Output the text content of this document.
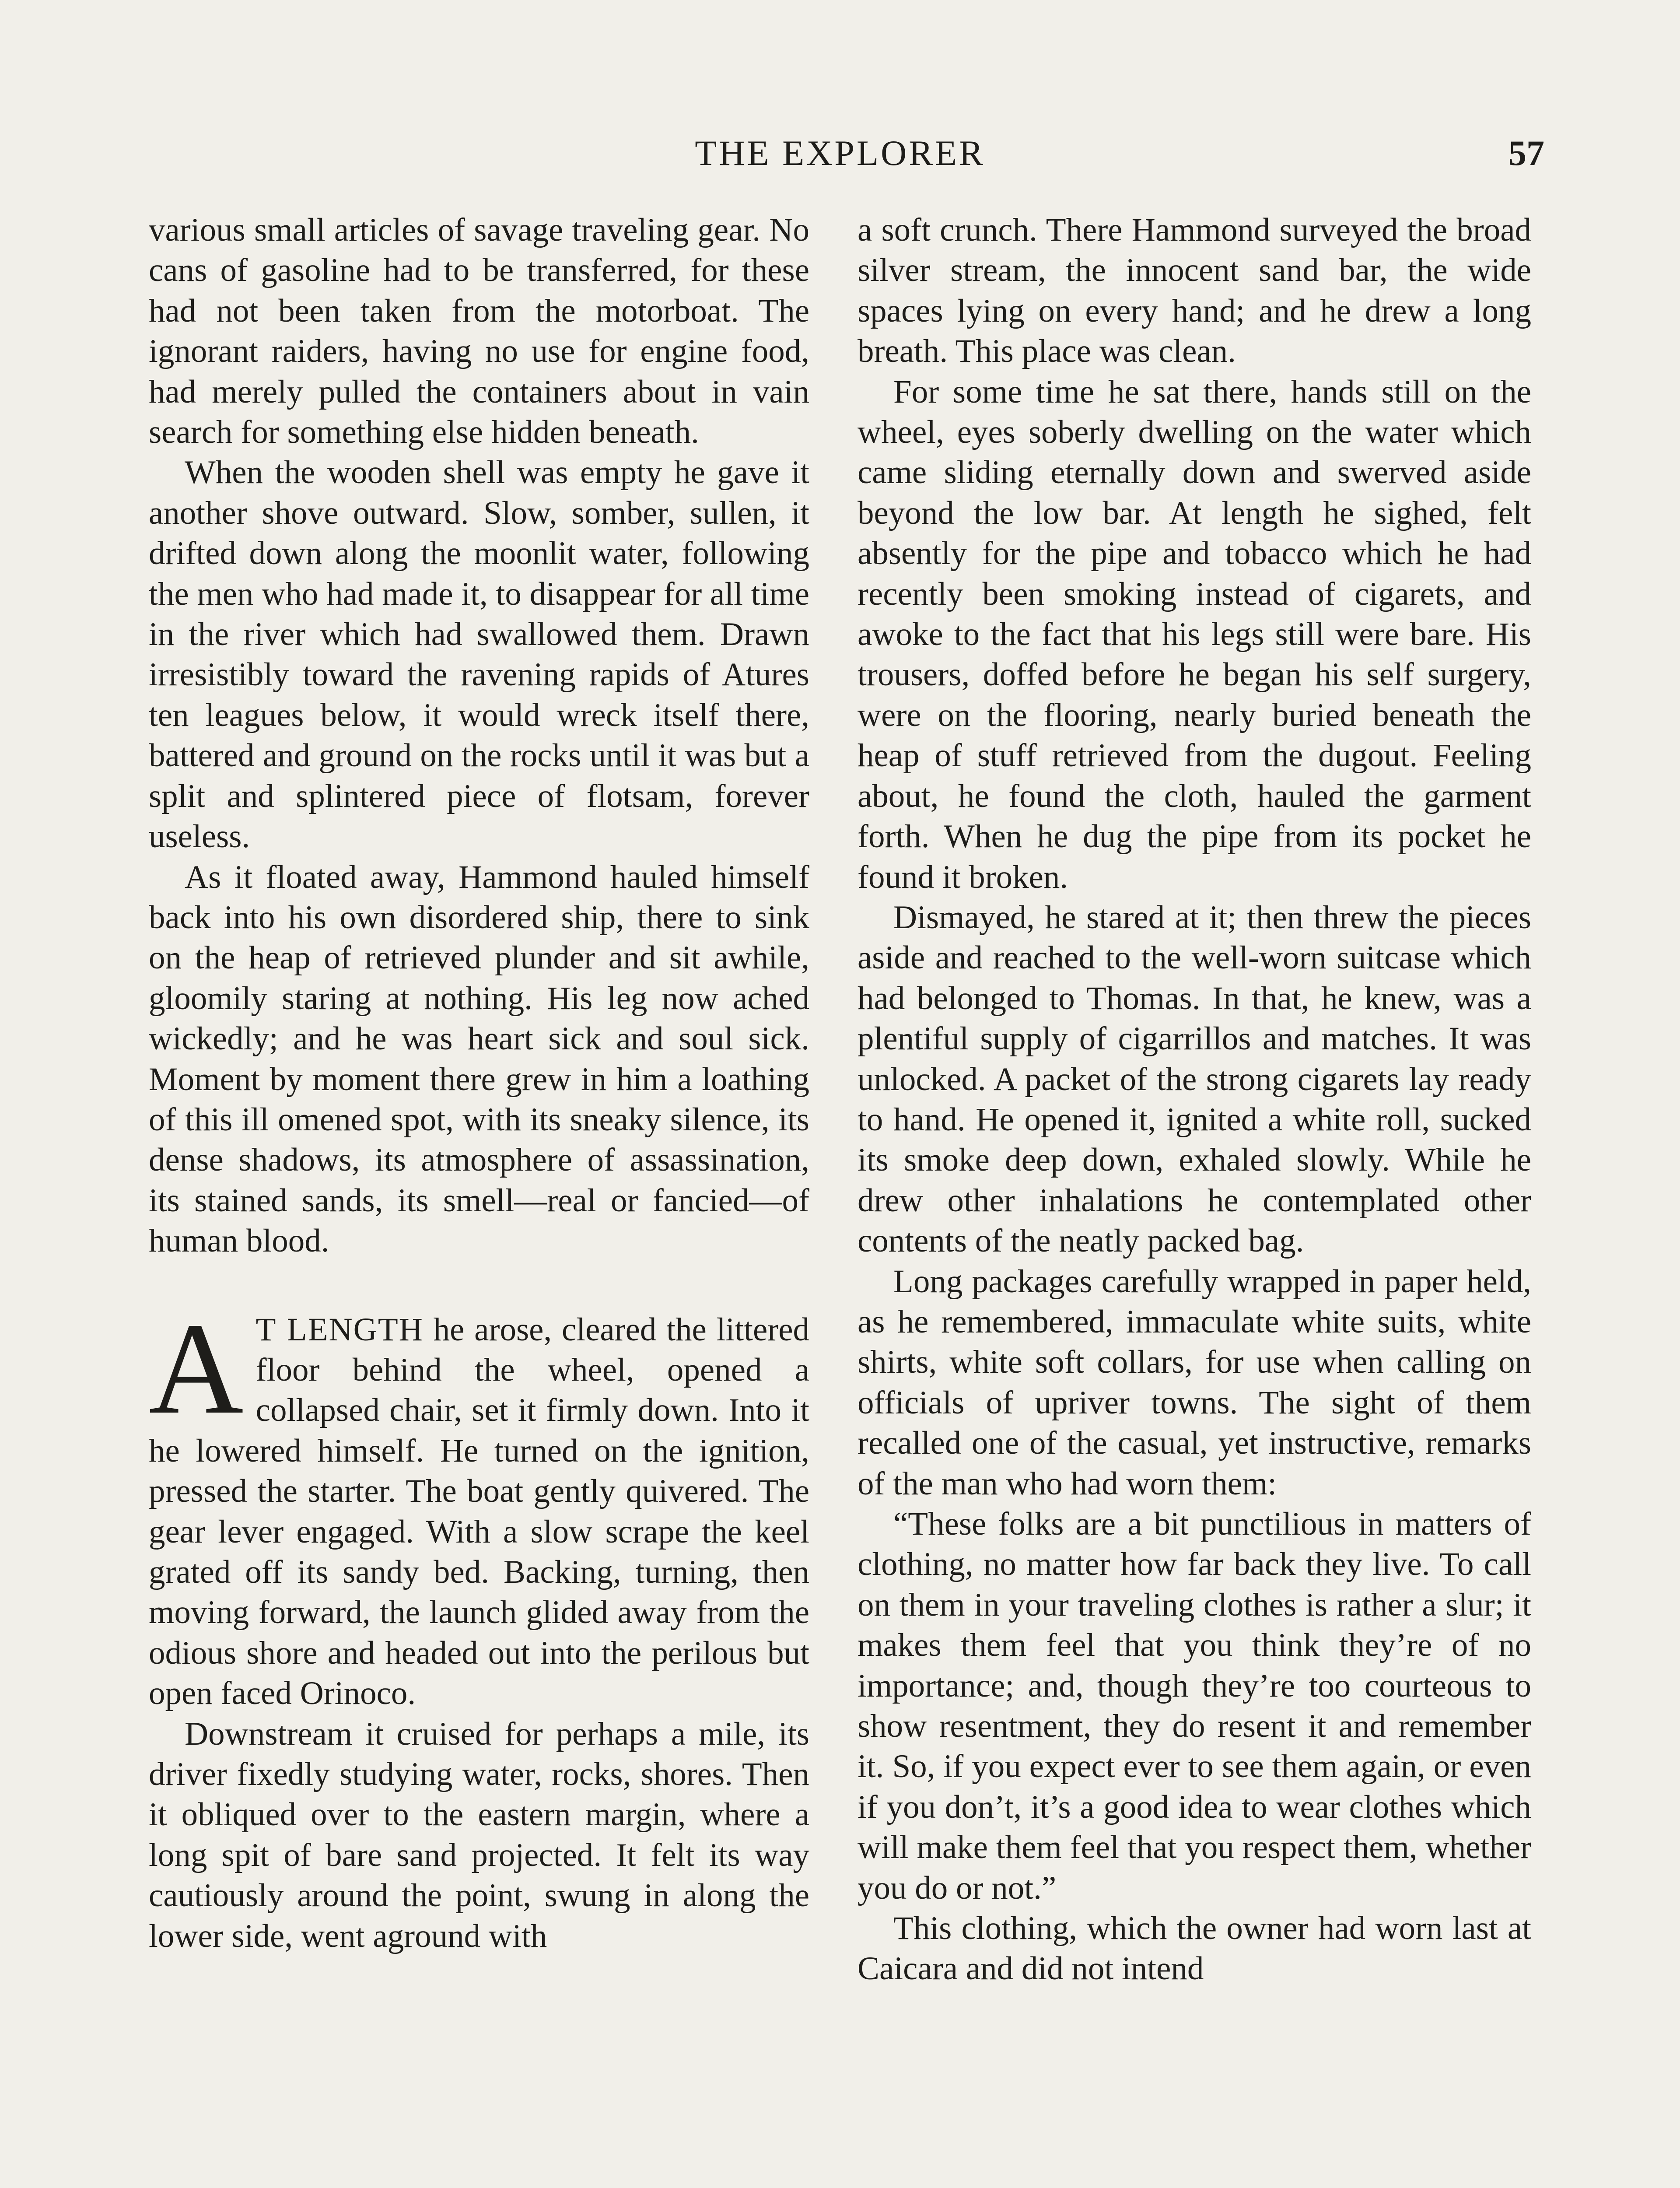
THE EXPLORER	57

various small articles of savage traveling gear. No cans of gasoline had to be transferred, for these had not been taken from the motorboat. The ignorant raiders, having no use for engine food, had merely pulled the containers about in vain search for something else hidden beneath.

When the wooden shell was empty he gave it another shove outward. Slow, somber, sullen, it drifted down along the moonlit water, following the men who had made it, to disappear for all time in the river which had swallowed them. Drawn irresistibly toward the ravening rapids of Atures ten leagues below, it would wreck itself there, battered and ground on the rocks until it was but a split and splintered piece of flotsam, forever useless.

As it floated away, Hammond hauled himself back into his own disordered ship, there to sink on the heap of retrieved plunder and sit awhile, gloomily staring at nothing. His leg now ached wickedly; and he was heart sick and soul sick. Moment by moment there grew in him a loathing of this ill omened spot, with its sneaky silence, its dense shadows, its atmosphere of assassination, its stained sands, its smell—real or fancied—of human blood.

A T LENGTH he arose, cleared the littered floor behind the wheel, opened a collapsed chair, set it firmly down. Into it he lowered himself. He turned on the ignition, pressed the starter. The boat gently quivered. The gear lever engaged. With a slow scrape the keel grated off its sandy bed. Backing, turning, then moving forward, the launch glided away from the odious shore and headed out into the perilous but open faced Orinoco.

Downstream it cruised for perhaps a mile, its driver fixedly studying water, rocks, shores. Then it obliqued over to the eastern margin, where a long spit of bare sand projected. It felt its way cautiously around the point, swung in along the lower side, went aground with

a soft crunch. There Hammond surveyed the broad silver stream, the innocent sand bar, the wide spaces lying on every hand; and he drew a long breath. This place was clean.

For some time he sat there, hands still on the wheel, eyes soberly dwelling on the water which came sliding eternally down and swerved aside beyond the low bar. At length he sighed, felt absently for the pipe and tobacco which he had recently been smoking instead of cigarets, and awoke to the fact that his legs still were bare. His trousers, doffed before he began his self surgery, were on the flooring, nearly buried beneath the heap of stuff retrieved from the dugout. Feeling about, he found the cloth, hauled the garment forth. When he dug the pipe from its pocket he found it broken.

Dismayed, he stared at it; then threw the pieces aside and reached to the well-worn suitcase which had belonged to Thomas. In that, he knew, was a plentiful supply of cigarrillos and matches. It was unlocked. A packet of the strong cigarets lay ready to hand. He opened it, ignited a white roll, sucked its smoke deep down, exhaled slowly. While he drew other inhalations he contemplated other contents of the neatly packed bag.

Long packages carefully wrapped in paper held, as he remembered, immaculate white suits, white shirts, white soft collars, for use when calling on officials of upriver towns. The sight of them recalled one of the casual, yet instructive, remarks of the man who had worn them:

“These folks are a bit punctilious in matters of clothing, no matter how far back they live. To call on them in your traveling clothes is rather a slur; it makes them feel that you think they’re of no importance; and, though they’re too courteous to show resentment, they do resent it and remember it. So, if you expect ever to see them again, or even if you don’t, it’s a good idea to wear clothes which will make them feel that you respect them, whether you do or not.”

This clothing, which the owner had worn last at Caicara and did not intend
